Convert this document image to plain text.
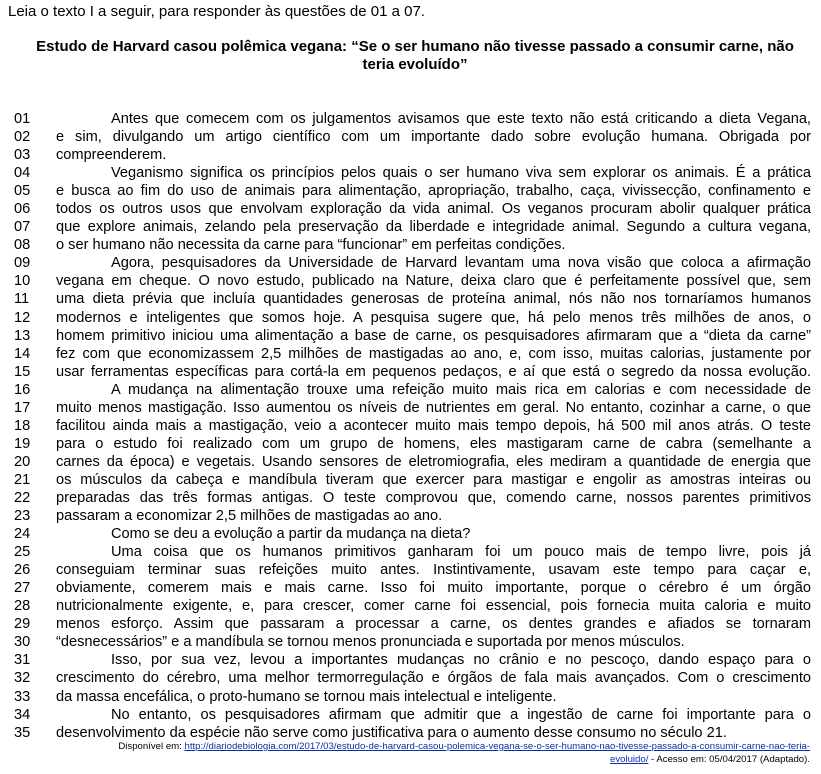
Leia o texto I a seguir, para responder às questões de 01 a 07.
Estudo de Harvard casou polêmica vegana: “Se o ser humano não tivesse passado a consumir carne, não
teria evoluído”
01	Antes que comecem com os julgamentos avisamos que este texto não está criticando a dieta Vegana,
02	e sim, divulgando um artigo científico com um importante dado sobre evolução humana. Obrigada por
03	compreenderem.
04	Veganismo significa os princípios pelos quais o ser humano viva sem explorar os animais. É a prática
05	e busca ao fim do uso de animais para alimentação, apropriação, trabalho, caça, vivissecção, confinamento e
06	todos os outros usos que envolvam exploração da vida animal. Os veganos procuram abolir qualquer prática
07	que explore animais, zelando pela preservação da liberdade e integridade animal. Segundo a cultura vegana,
08	o ser humano não necessita da carne para “funcionar” em perfeitas condições.
09	Agora, pesquisadores da Universidade de Harvard levantam uma nova visão que coloca a afirmação
10	vegana em cheque. O novo estudo, publicado na Nature, deixa claro que é perfeitamente possível que, sem
11	uma dieta prévia que incluía quantidades generosas de proteína animal, nós não nos tornaríamos humanos
12	modernos e inteligentes que somos hoje. A pesquisa sugere que, há pelo menos três milhões de anos, o
13	homem primitivo iniciou uma alimentação a base de carne, os pesquisadores afirmaram que a “dieta da carne”
14	fez com que economizassem 2,5 milhões de mastigadas ao ano, e, com isso, muitas calorias, justamente por
15	usar ferramentas específicas para cortá-la em pequenos pedaços, e aí que está o segredo da nossa evolução.
16	A mudança na alimentação trouxe uma refeição muito mais rica em calorias e com necessidade de
17	muito menos mastigação. Isso aumentou os níveis de nutrientes em geral. No entanto, cozinhar a carne, o que
18	facilitou ainda mais a mastigação, veio a acontecer muito mais tempo depois, há 500 mil anos atrás. O teste
19	para o estudo foi realizado com um grupo de homens, eles mastigaram carne de cabra (semelhante a
20	carnes da época) e vegetais. Usando sensores de eletromiografia, eles mediram a quantidade de energia que
21	os músculos da cabeça e mandíbula tiveram que exercer para mastigar e engolir as amostras inteiras ou
22	preparadas das três formas antigas. O teste comprovou que, comendo carne, nossos parentes primitivos
23	passaram a economizar 2,5 milhões de mastigadas ao ano.
24	Como se deu a evolução a partir da mudança na dieta?
25	Uma coisa que os humanos primitivos ganharam foi um pouco mais de tempo livre, pois já
26	conseguiam terminar suas refeições muito antes. Instintivamente, usavam este tempo para caçar e,
27	obviamente, comerem mais e mais carne. Isso foi muito importante, porque o cérebro é um órgão
28	nutricionalmente exigente, e, para crescer, comer carne foi essencial, pois fornecia muita caloria e muito
29	menos esforço. Assim que passaram a processar a carne, os dentes grandes e afiados se tornaram
30	“desnecessários” e a mandíbula se tornou menos pronunciada e suportada por menos músculos.
31	Isso, por sua vez, levou a importantes mudanças no crânio e no pescoço, dando espaço para o
32	crescimento do cérebro, uma melhor termorregulação e órgãos de fala mais avançados. Com o crescimento
33	da massa encefálica, o proto-humano se tornou mais intelectual e inteligente.
34	No entanto, os pesquisadores afirmam que admitir que a ingestão de carne foi importante para o
35	desenvolvimento da espécie não serve como justificativa para o aumento desse consumo no século 21.
Disponível em: http://diariodebiologia.com/2017/03/estudo-de-harvard-casou-polemica-vegana-se-o-ser-humano-nao-tivesse-passado-a-consumir-carne-nao-teria-
evoluido/ - Acesso em: 05/04/2017 (Adaptado).
